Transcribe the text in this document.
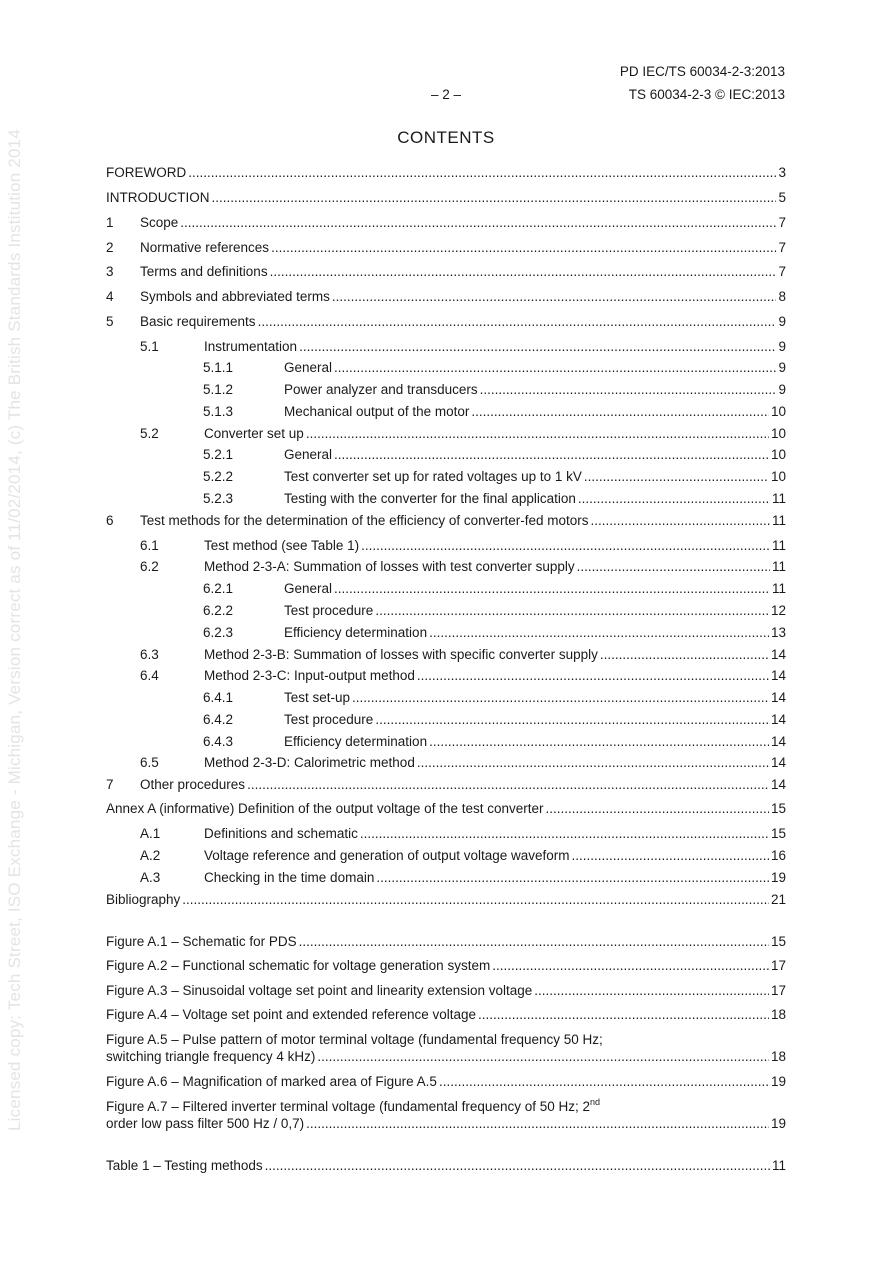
Licensed copy: Tech Street, ISO Exchange - Michigan, Version correct as of 11/02/2014, (c) The British Standards Institution 2014
PD IEC/TS 60034-2-3:2013
– 2 –	TS 60034-2-3 © IEC:2013
CONTENTS
FOREWORD .....	3
INTRODUCTION .....	5
1	Scope .....	7
2	Normative references .....	7
3	Terms and definitions .....	7
4	Symbols and abbreviated terms .....	8
5	Basic requirements .....	9
5.1	Instrumentation .....	9
5.1.1	General .....	9
5.1.2	Power analyzer and transducers .....	9
5.1.3	Mechanical output of the motor .....	10
5.2	Converter set up .....	10
5.2.1	General .....	10
5.2.2	Test converter set up for rated voltages up to 1 kV .....	10
5.2.3	Testing with the converter for the final application .....	11
6	Test methods for the determination of the efficiency of converter-fed motors .....	11
6.1	Test method (see Table 1) .....	11
6.2	Method 2-3-A: Summation of losses with test converter supply .....	11
6.2.1	General .....	11
6.2.2	Test procedure .....	12
6.2.3	Efficiency determination .....	13
6.3	Method 2-3-B: Summation of losses with specific converter supply .....	14
6.4	Method 2-3-C: Input-output method .....	14
6.4.1	Test set-up .....	14
6.4.2	Test procedure .....	14
6.4.3	Efficiency determination .....	14
6.5	Method 2-3-D: Calorimetric method .....	14
7	Other procedures .....	14
Annex A (informative) Definition of the output voltage of the test converter .....	15
A.1	Definitions and schematic .....	15
A.2	Voltage reference and generation of output voltage waveform .....	16
A.3	Checking in the time domain .....	19
Bibliography .....	21
Figure A.1 – Schematic for PDS .....	15
Figure A.2 – Functional schematic for voltage generation system .....	17
Figure A.3 – Sinusoidal voltage set point and linearity extension voltage .....	17
Figure A.4 – Voltage set point and extended reference voltage .....	18
Figure A.5 – Pulse pattern of motor terminal voltage (fundamental frequency 50 Hz;
switching triangle frequency 4 kHz) .....	18
Figure A.6 – Magnification of marked area of Figure A.5 .....	19
Figure A.7 – Filtered inverter terminal voltage (fundamental frequency of 50 Hz; 2nd
order low pass filter 500 Hz / 0,7) .....	19
Table 1 – Testing methods .....	11
